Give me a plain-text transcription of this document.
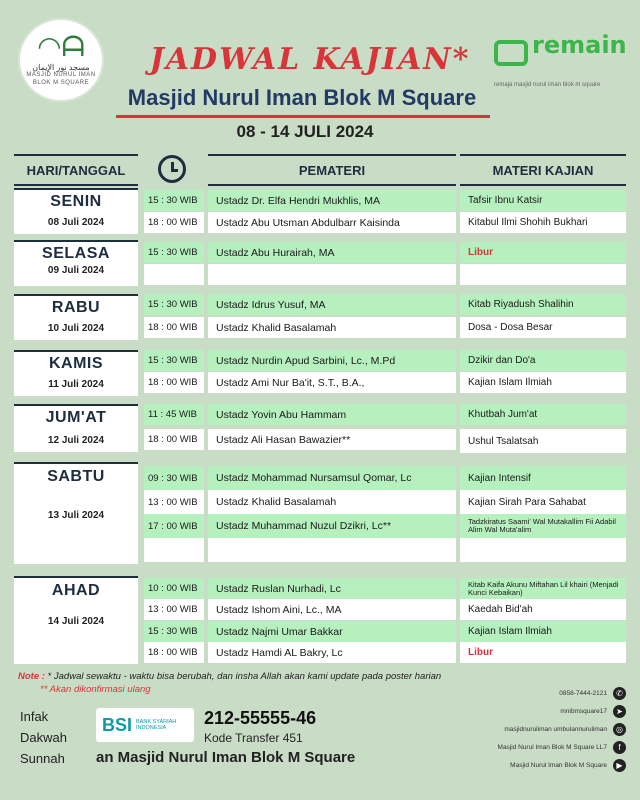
◠ᗩ
مسجد نور الإيمان
MASJID NURUL IMAN
BLOK M SQUARE
JADWAL KAJIAN*
Masjid Nurul Iman Blok M Square
08 - 14 JULI 2024
remain
remaja masjid nurul iman blok m square
HARI/TANGGAL	PEMATERI	MATERI KAJIAN
SENIN
08 Juli 2024
15 : 30 WIB	Ustadz Dr. Elfa Hendri Mukhlis, MA	Tafsir Ibnu Katsir
18 : 00 WIB	Ustadz Abu Utsman Abdulbarr Kaisinda	Kitabul Ilmi Shohih Bukhari
SELASA
09 Juli 2024
15 : 30 WIB	Ustadz Abu Hurairah, MA	Libur
RABU
10 Juli 2024
15 : 30 WIB	Ustadz Idrus Yusuf, MA	Kitab Riyadush Shalihin
18 : 00 WIB	Ustadz Khalid Basalamah	Dosa - Dosa Besar
KAMIS
11 Juli 2024
15 : 30 WIB	Ustadz Nurdin Apud Sarbini, Lc., M.Pd	Dzikir dan Do'a
18 : 00 WIB	Ustadz Ami Nur Ba'it, S.T., B.A.,	Kajian Islam Ilmiah
JUM'AT
12 Juli 2024
11 : 45 WIB	Ustadz Yovin Abu Hammam	Khutbah Jum'at
18 : 00 WIB	Ustadz Ali Hasan Bawazier**	Ushul Tsalatsah
SABTU
13 Juli 2024
09 : 30 WIB	Ustadz Mohammad Nursamsul Qomar, Lc	Kajian Intensif
13 : 00 WIB	Ustadz Khalid Basalamah	Kajian Sirah Para Sahabat
17 : 00 WIB	Ustadz Muhammad Nuzul Dzikri, Lc**	Tadzkiratus Saami' Wal Mutakallim Fii Adabil Alim Wal Muta'alim
AHAD
14 Juli 2024
10 : 00 WIB	Ustadz Ruslan Nurhadi, Lc	Kitab Kaifa Akunu Miftahan Lil khairi (Menjadi Kunci Kebaikan)
13 : 00 WIB	Ustadz Ishom Aini, Lc., MA	Kaedah Bid'ah
15 : 30 WIB	Ustadz Najmi Umar Bakkar	Kajian Islam Ilmiah
18 : 00 WIB	Ustadz Hamdi AL Bakry, Lc	Libur
Note : * Jadwal sewaktu - waktu bisa berubah, dan insha Allah akan kami update pada poster harian
** Akan dikonfirmasi ulang
Infak
Dakwah
Sunnah
BSI BANK SYARIAH INDONESIA	212-55555-46
Kode Transfer 451
an Masjid Nurul Iman Blok M Square
0858-7444-2121	✆
mnibmsquare17	➤
masjidnuruliman umbulannuruliman	◎
Masjid Nurul Iman Blok M Square LL7	f
Masjid Nurul Iman Blok M Square	▶
